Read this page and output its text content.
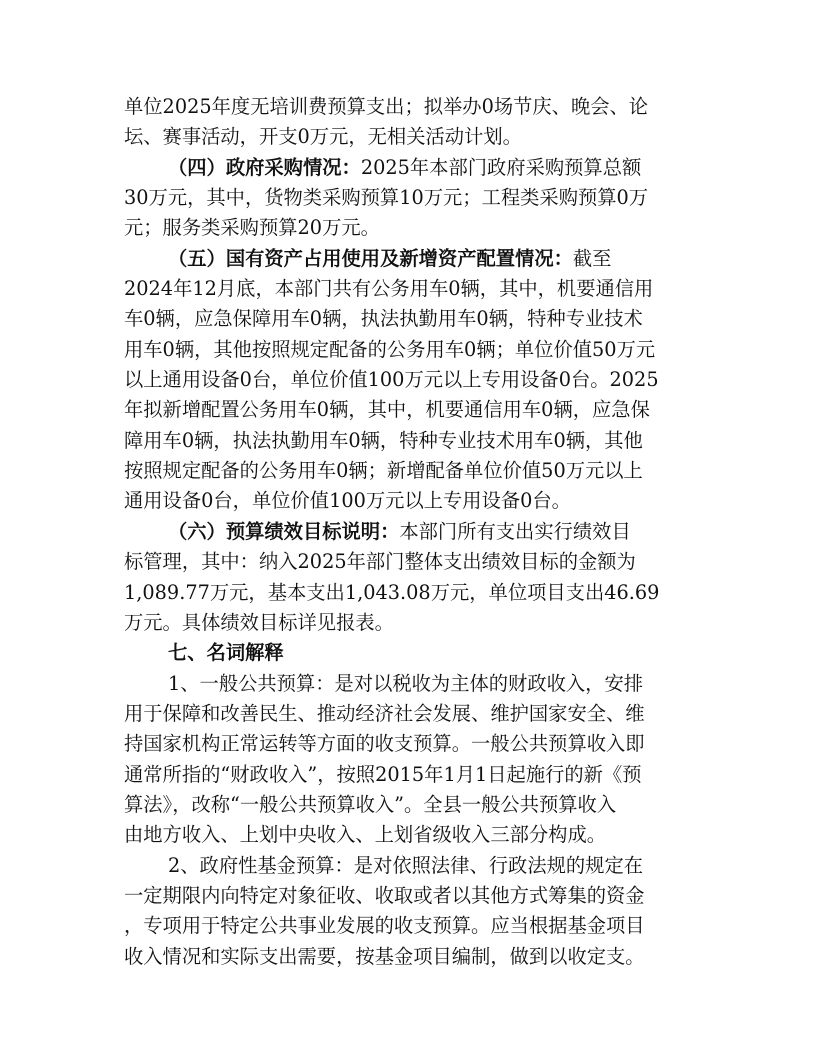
单位2025年度无培训费预算支出；拟举办0场节庆、晚会、论
坛、赛事活动，开支0万元，无相关活动计划。
（四）政府采购情况：2025年本部门政府采购预算总额
30万元，其中，货物类采购预算10万元；工程类采购预算0万
元；服务类采购预算20万元。
（五）国有资产占用使用及新增资产配置情况：截至
2024年12月底，本部门共有公务用车0辆，其中，机要通信用
车0辆，应急保障用车0辆，执法执勤用车0辆，特种专业技术
用车0辆，其他按照规定配备的公务用车0辆；单位价值50万元
以上通用设备0台，单位价值100万元以上专用设备0台。2025
年拟新增配置公务用车0辆，其中，机要通信用车0辆，应急保
障用车0辆，执法执勤用车0辆，特种专业技术用车0辆，其他
按照规定配备的公务用车0辆；新增配备单位价值50万元以上
通用设备0台，单位价值100万元以上专用设备0台。
（六）预算绩效目标说明：本部门所有支出实行绩效目
标管理，其中：纳入2025年部门整体支出绩效目标的金额为
1,089.77万元，基本支出1,043.08万元，单位项目支出46.69
万元。具体绩效目标详见报表。
七、名词解释
1、一般公共预算：是对以税收为主体的财政收入，安排
用于保障和改善民生、推动经济社会发展、维护国家安全、维
持国家机构正常运转等方面的收支预算。一般公共预算收入即
通常所指的“财政收入”，按照2015年1月1日起施行的新《预
算法》，改称“一般公共预算收入”。全县一般公共预算收入
由地方收入、上划中央收入、上划省级收入三部分构成。
2、政府性基金预算：是对依照法律、行政法规的规定在
一定期限内向特定对象征收、收取或者以其他方式筹集的资金
，专项用于特定公共事业发展的收支预算。应当根据基金项目
收入情况和实际支出需要，按基金项目编制，做到以收定支。
